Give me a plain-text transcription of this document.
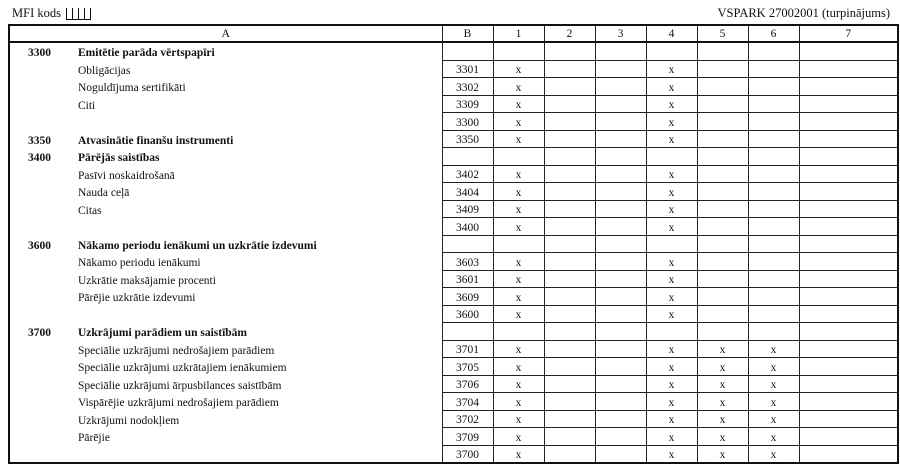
MFI kods	VSPARK 27002001 (turpinājums)
A	B	1	2	3	4	5	6	7
3300 Emitētie parāda vērtspapīri								
Obligācijas	3301	x			x			
Noguldījuma sertifikāti	3302	x			x			
Citi	3309	x			x			
	3300	x			x			
3350 Atvasinātie finanšu instrumenti	3350	x			x			
3400 Pārējās saistības								
Pasīvi noskaidrošanā	3402	x			x			
Nauda ceļā	3404	x			x			
Citas	3409	x			x			
	3400	x			x			
3600 Nākamo periodu ienākumi un uzkrātie izdevumi								
Nākamo periodu ienākumi	3603	x			x			
Uzkrātie maksājamie procenti	3601	x			x			
Pārējie uzkrātie izdevumi	3609	x			x			
	3600	x			x			
3700 Uzkrājumi parādiem un saistībām								
Speciālie uzkrājumi nedrošajiem parādiem	3701	x			x	x	x	
Speciālie uzkrājumi uzkrātajiem ienākumiem	3705	x			x	x	x	
Speciālie uzkrājumi ārpusbilances saistībām	3706	x			x	x	x	
Vispārējie uzkrājumi nedrošajiem parādiem	3704	x			x	x	x	
Uzkrājumi nodokļiem	3702	x			x	x	x	
Pārējie	3709	x			x	x	x	
	3700	x			x	x	x	
